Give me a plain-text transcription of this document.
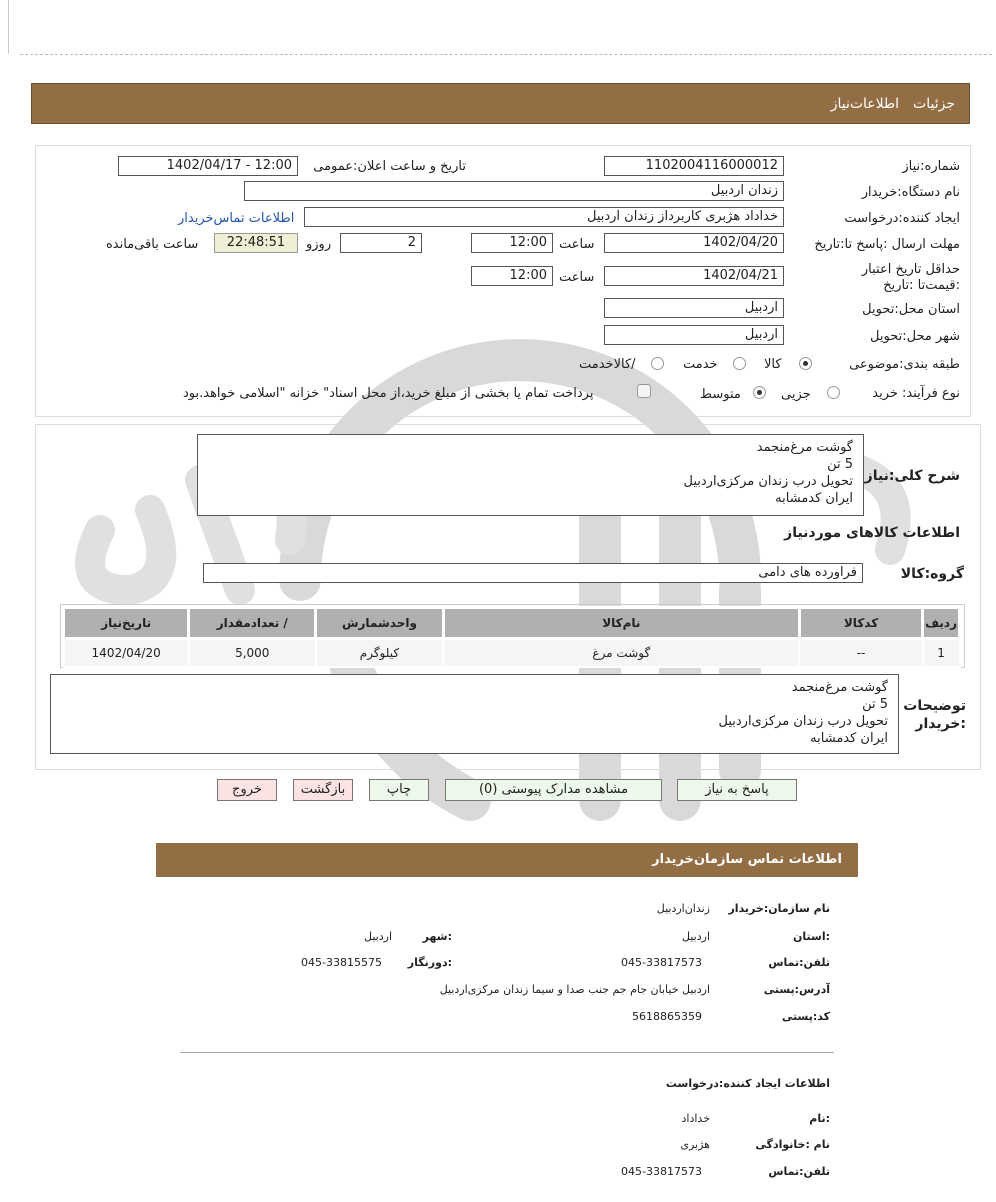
جزئیات
اطلاعات‌نیاز
شماره‌:نیاز
1102004116000012
تاریخ و ساعت اعلان:عمومی
1402/04/17 - 12:00
نام دستگاه:خریدار
زندان اردبیل
ایجاد کننده:درخواست
خداداد هژبری کاربرداز زندان اردبیل
اطلاعات تماس‌خریدار
مهلت ارسال :پاسخ تا:تاریخ
1402/04/20
ساعت
12:00
2
روزو
22:48:51
ساعت باقی‌مانده
حداقل تاریخ اعتبار :قیمت‌تا :تاریخ
1402/04/21
ساعت
12:00
استان محل:تحویل
اردبیل
شهر محل:تحویل
اردبیل
طبقه بندی:موضوعی
کالا
خدمت
/کالاخدمت
نوع فرآیند: خرید
جزیی
متوسط
پرداخت تمام یا بخشی از مبلغ خرید،از محل اسناد" خزانه "اسلامی خواهد.بود
شرح کلی:نیاز
گوشت مرغ‌منجمد
5 تن
تحویل درب زندان مرکزی‌اردبیل
ایران کدمشابه
اطلاعات کالاهای مورد‌نیاز
گروه:کالا
فراورده های دامی
ردیف	کدکالا	نام‌کالا	واحد‌شمارش	/ تعداد‌مقدار	تاریخ‌نیاز
1	--	گوشت مرغ	کیلوگرم	5,000	1402/04/20
توضیحات
:خریدار
گوشت مرغ‌منجمد
5 تن
تحویل درب زندان مرکزی‌اردبیل
ایران کدمشابه
پاسخ به نیاز
مشاهده مدارک پیوستی (0)
چاپ
بازگشت
خروج
اطلاعات تماس سازمان‌خریدار
نام سازمان:خریدار
زندان‌اردبیل
:استان
اردبیل
:شهر
اردبیل
تلفن:تماس
045-33817573
:دورنگار
045-33815575
آدرس:پستی
اردبیل خیابان جام جم جنب صدا و سیما زندان مرکزی‌اردبیل
کد:پستی
5618865359
اطلاعات ایجاد کننده:درخواست
:نام
خداداد
نام :خانوادگی
هژبری
تلفن:تماس
045-33817573
